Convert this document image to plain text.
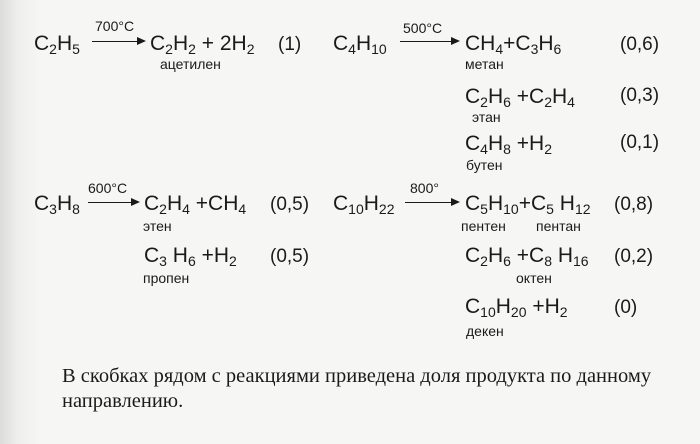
$C_2H_5$
700°С
→ $C_2H_2 + 2H_2$
ацетилен
(1) $C_4H_{10}$
500°С
→ $CH_4+C_3H_6$
метан
(0,6)
$C_2H_6 +C_2H_4$
этан
(0,3)
$C_4H_8 +H_2$
бутен
(0,1)
$C_3H_8$
600°С
→ $C_2H_4 +CH_4$
этен
(0,5)
$C_3$ $H_6 +H_2$
пропен
(0,5)
$C_{10}H_{22}$
800°
→ $C_5H_{10}+C_5$ $H_{12}$
пентен пентан
(0,8)
$C_2H_6 +C_8$ $H_{16}$
октен
(0,2)
$C_{10}H_{20} +H_2$
декен
(0)
В скобках рядом с реакциями приведена доля продукта по данному направлению.
